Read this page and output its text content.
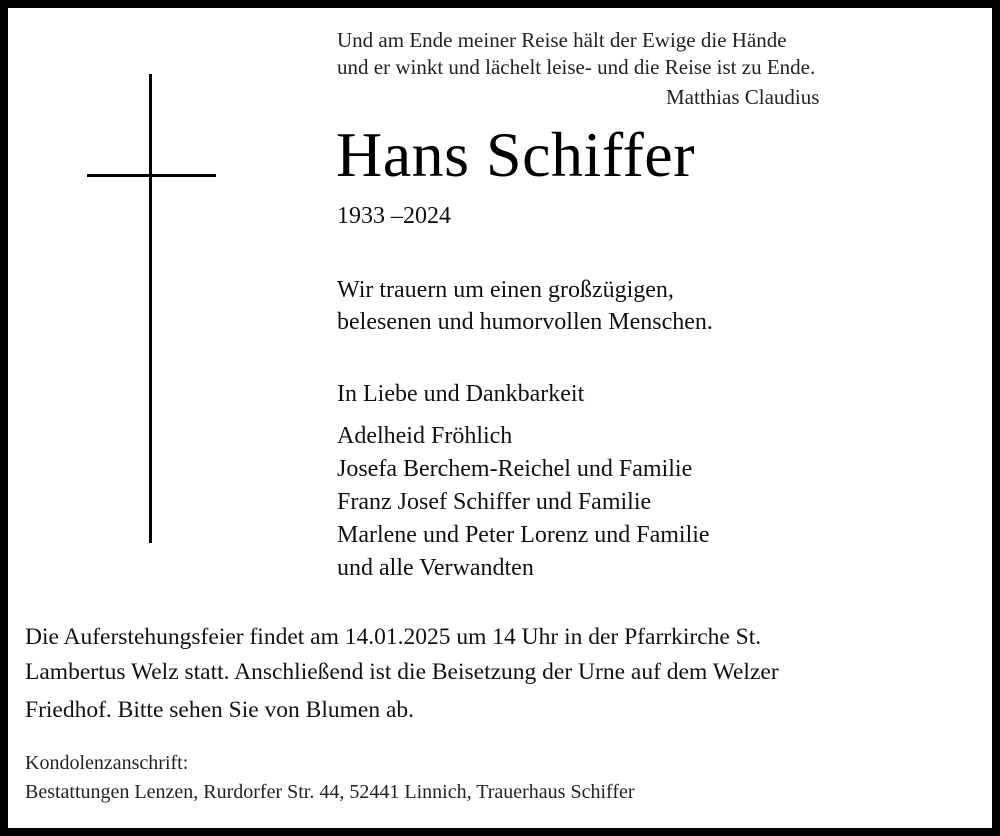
Und am Ende meiner Reise hält der Ewige die Hände

und er winkt und lächelt leise- und die Reise ist zu Ende.

Matthias Claudius

Hans Schiffer

1933 –2024

Wir trauern um einen großzügigen,

belesenen und humorvollen Menschen.

In Liebe und Dankbarkeit

Adelheid Fröhlich

Josefa Berchem-Reichel und Familie

Franz Josef Schiffer und Familie

Marlene und Peter Lorenz und Familie

und alle Verwandten

Die Auferstehungsfeier findet am 14.01.2025 um 14 Uhr in der Pfarrkirche St.

Lambertus Welz statt. Anschließend ist die Beisetzung der Urne auf dem Welzer

Friedhof. Bitte sehen Sie von Blumen ab.

Kondolenzanschrift:

Bestattungen Lenzen, Rurdorfer Str. 44, 52441 Linnich, Trauerhaus Schiffer
